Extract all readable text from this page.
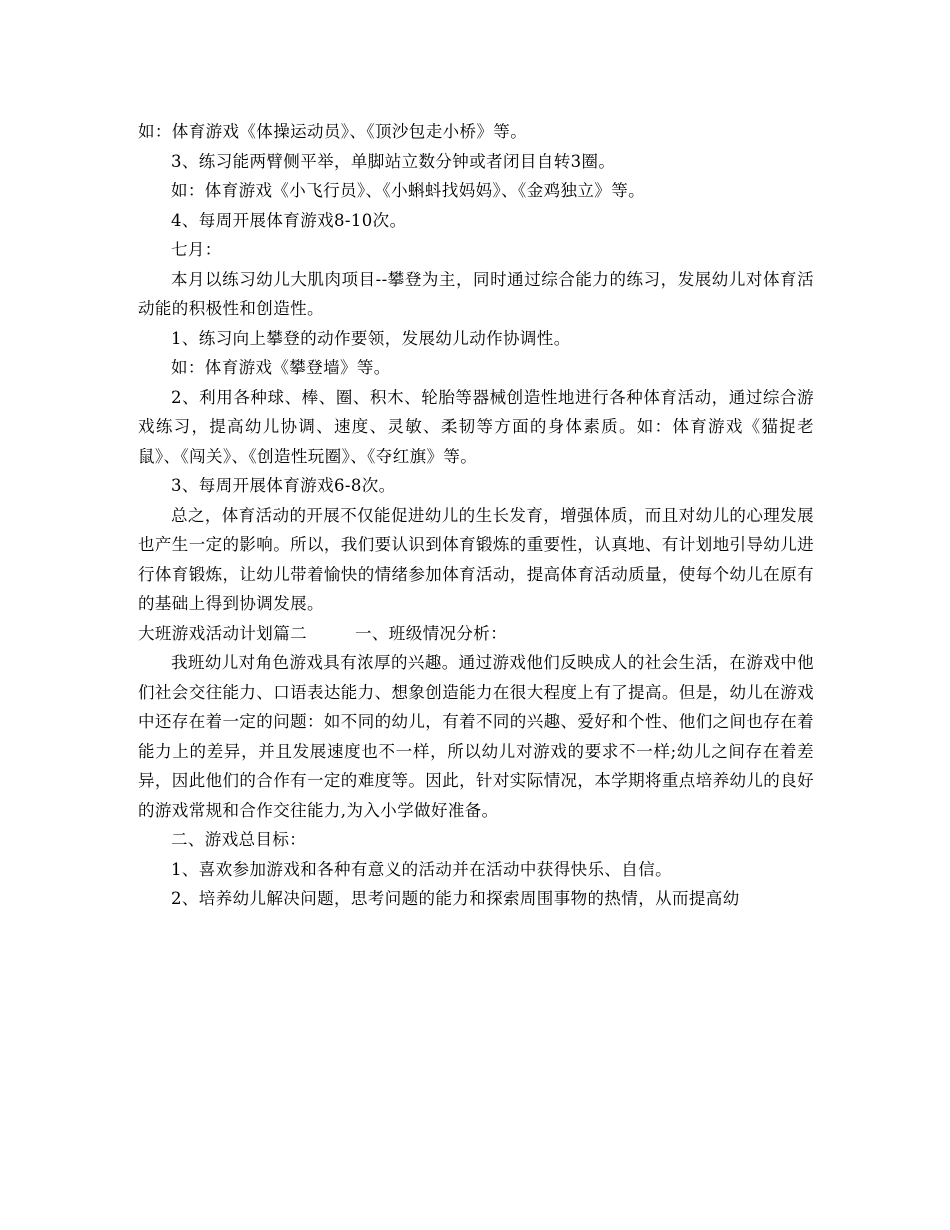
如：体育游戏《体操运动员》、《顶沙包走小桥》等。

3、练习能两臂侧平举，单脚站立数分钟或者闭目自转3圈。

如：体育游戏《小飞行员》、《小蝌蚪找妈妈》、《金鸡独立》等。

4、每周开展体育游戏8-10次。

七月：

本月以练习幼儿大肌肉项目--攀登为主，同时通过综合能力的练习，发展幼儿对体育活动能的积极性和创造性。

1、练习向上攀登的动作要领，发展幼儿动作协调性。

如：体育游戏《攀登墙》等。

2、利用各种球、棒、圈、积木、轮胎等器械创造性地进行各种体育活动，通过综合游戏练习，提高幼儿协调、速度、灵敏、柔韧等方面的身体素质。如：体育游戏《猫捉老鼠》、《闯关》、《创造性玩圈》、《夺红旗》等。

3、每周开展体育游戏6-8次。

总之，体育活动的开展不仅能促进幼儿的生长发育，增强体质，而且对幼儿的心理发展也产生一定的影响。所以，我们要认识到体育锻炼的重要性，认真地、有计划地引导幼儿进行体育锻炼，让幼儿带着愉快的情绪参加体育活动，提高体育活动质量，使每个幼儿在原有的基础上得到协调发展。

大班游戏活动计划篇二	一、班级情况分析：

我班幼儿对角色游戏具有浓厚的兴趣。通过游戏他们反映成人的社会生活，在游戏中他们社会交往能力、口语表达能力、想象创造能力在很大程度上有了提高。但是，幼儿在游戏中还存在着一定的问题：如不同的幼儿，有着不同的兴趣、爱好和个性、他们之间也存在着能力上的差异，并且发展速度也不一样，所以幼儿对游戏的要求不一样;幼儿之间存在着差异，因此他们的合作有一定的难度等。因此，针对实际情况，本学期将重点培养幼儿的良好的游戏常规和合作交往能力,为入小学做好准备。

二、游戏总目标：

1、喜欢参加游戏和各种有意义的活动并在活动中获得快乐、自信。

2、培养幼儿解决问题，思考问题的能力和探索周围事物的热情，从而提高幼
